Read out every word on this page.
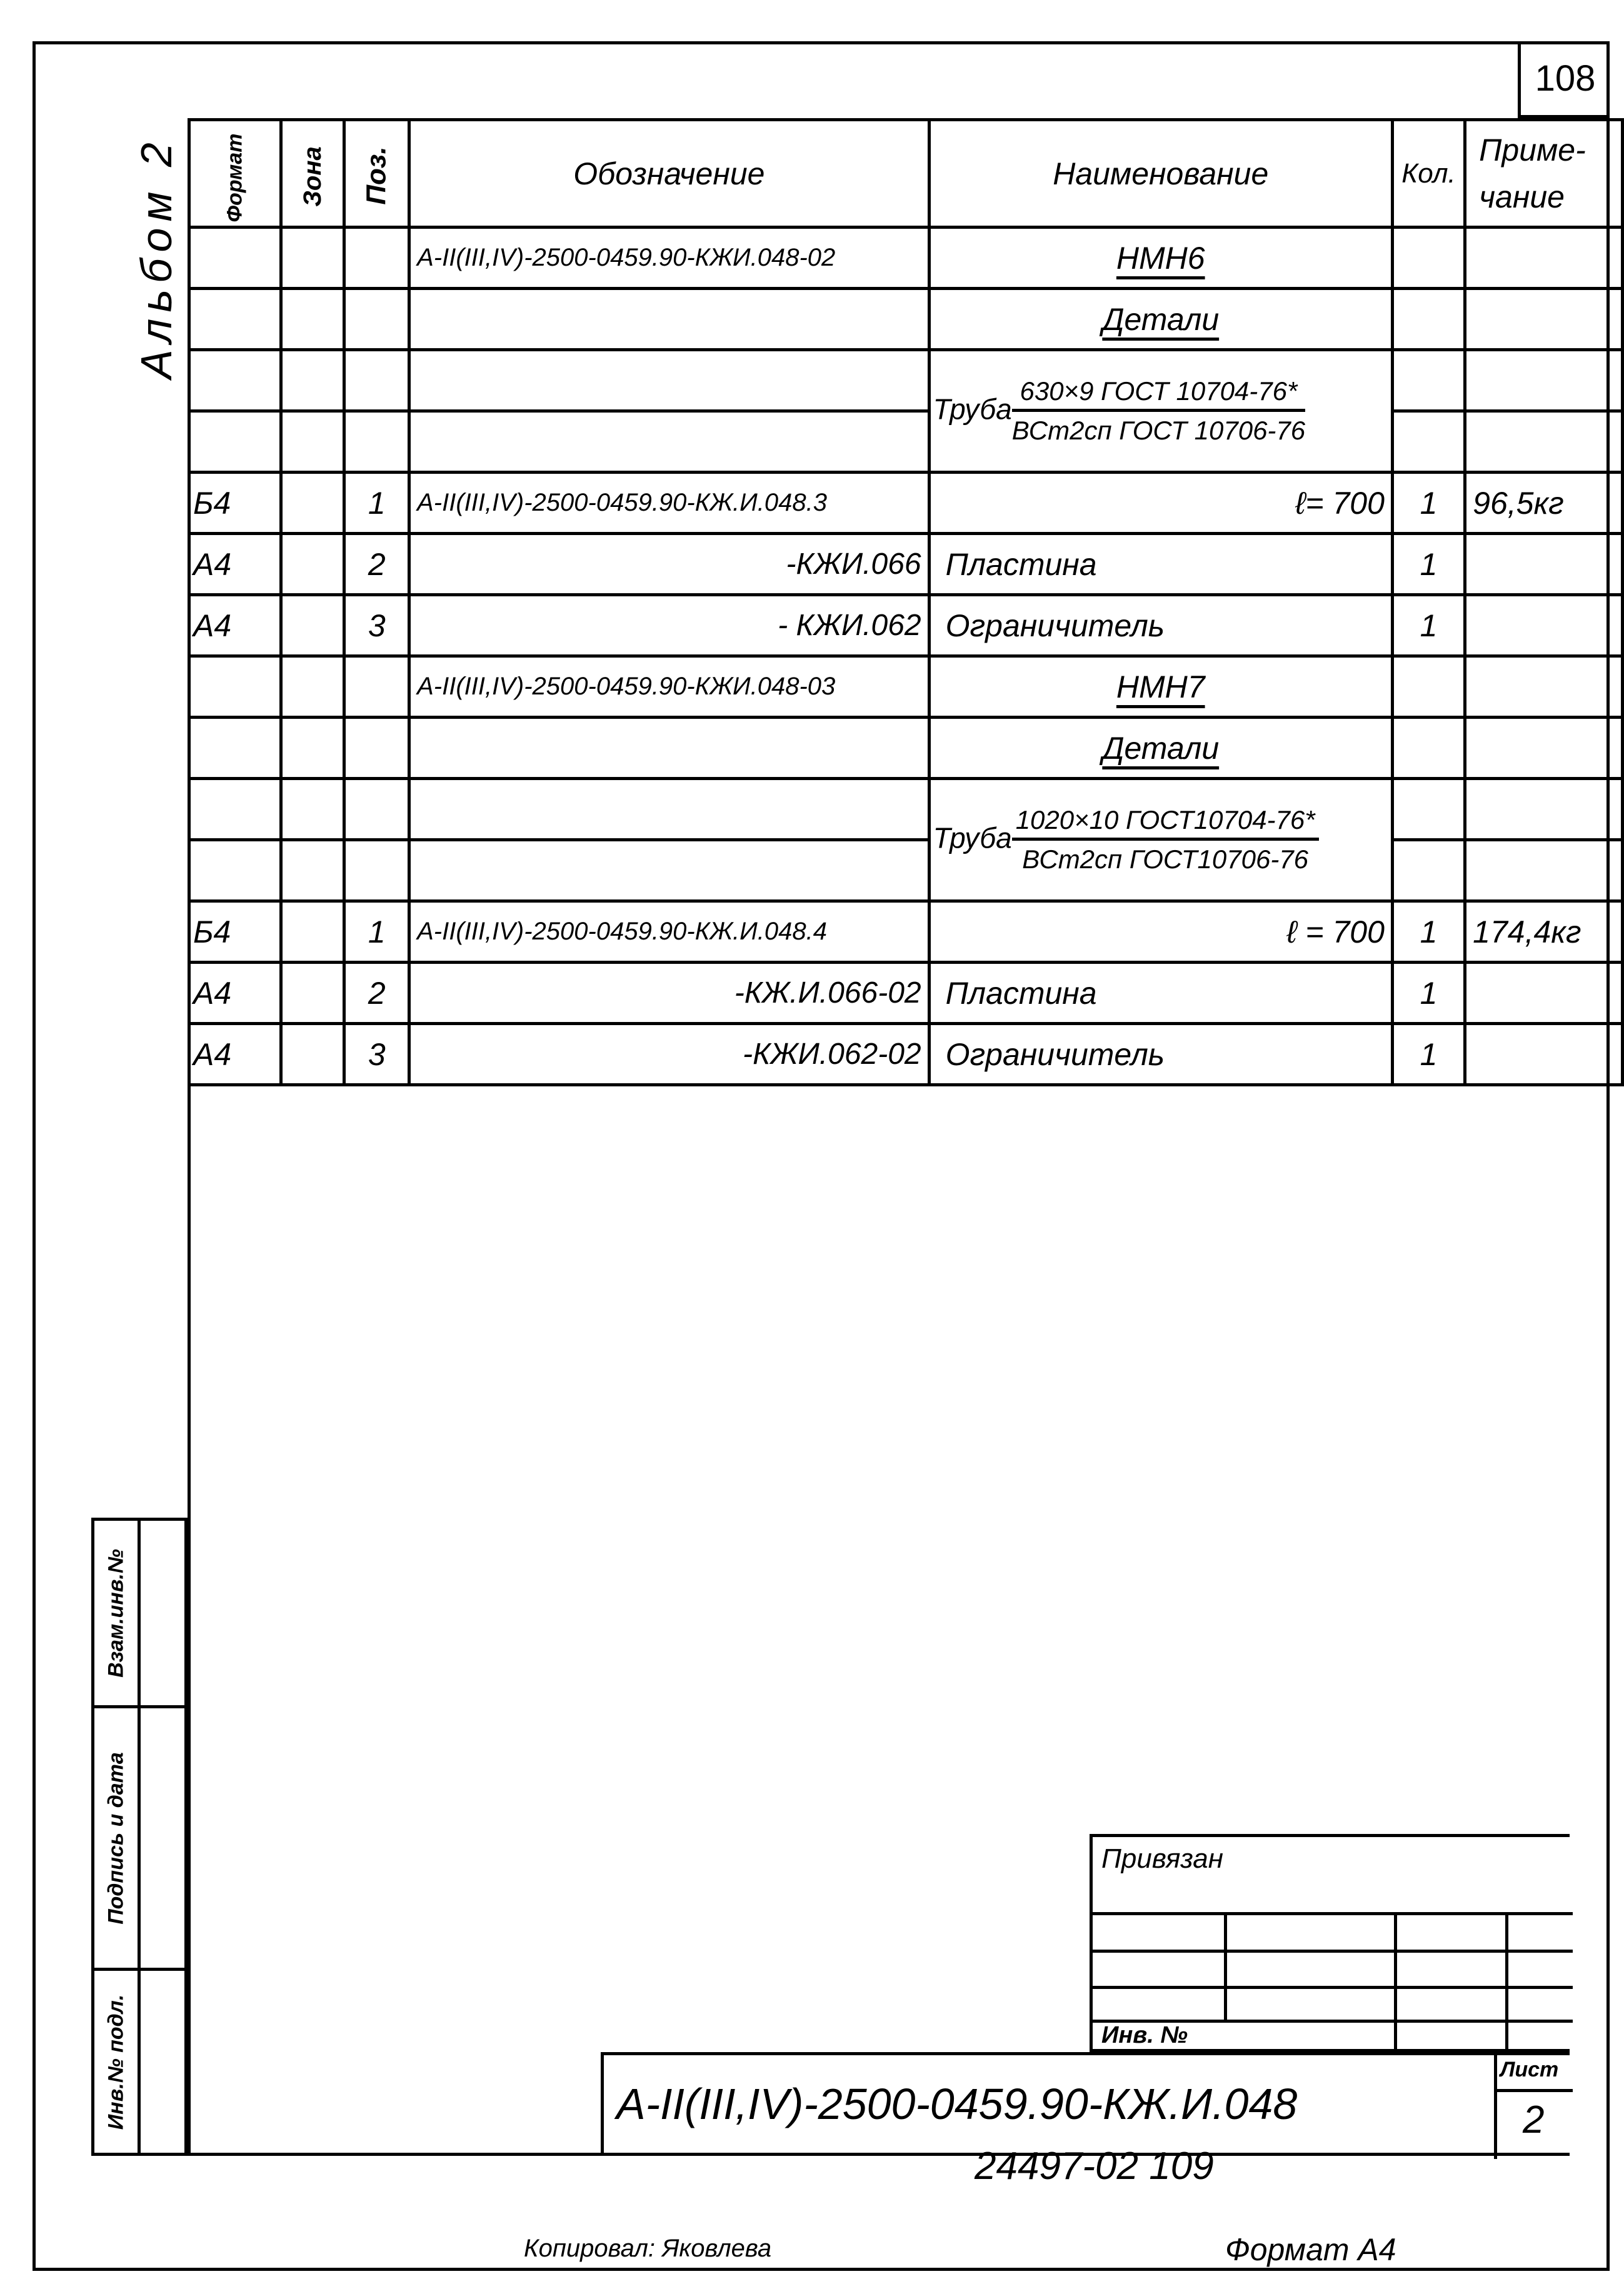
108
Альбом 2 Формат	Зона	Поз.	Обозначение	Наименование	Кол.	Приме-чание
			А-II(III,IV)-2500-0459.90-КЖИ.048-02	НМН6		
				Детали		
				Труба $\frac{\text{630×9 ГОСТ 10704-76*}}{\text{ВСт2сп ГОСТ 10706-76}}$

Б4		1	А-II(III,IV)-2500-0459.90-КЖ.И.048.3	ℓ= 700	1	96,5кг
А4		2	-КЖИ.066	Пластина	1	
А4		3	- КЖИ.062	Ограничитель	1	
			А-II(III,IV)-2500-0459.90-КЖИ.048-03	НМН7		
				Детали		
				Труба $\frac{\text{1020×10 ГОСТ10704-76*}}{\text{ВСт2сп ГОСТ10706-76}}$

Б4		1	А-II(III,IV)-2500-0459.90-КЖ.И.048.4	ℓ = 700	1	174,4кг
А4		2	-КЖ.И.066-02	Пластина	1	
А4		3	-КЖИ.062-02	Ограничитель	1	
Взам.инв.№
Подпись и дата
Инв.№ подл.
Привязан
Инв. №
А-II(III,IV)-2500-0459.90-КЖ.И.048
Лист
2
24497-02 109
Копировал: Яковлева	Формат А4
